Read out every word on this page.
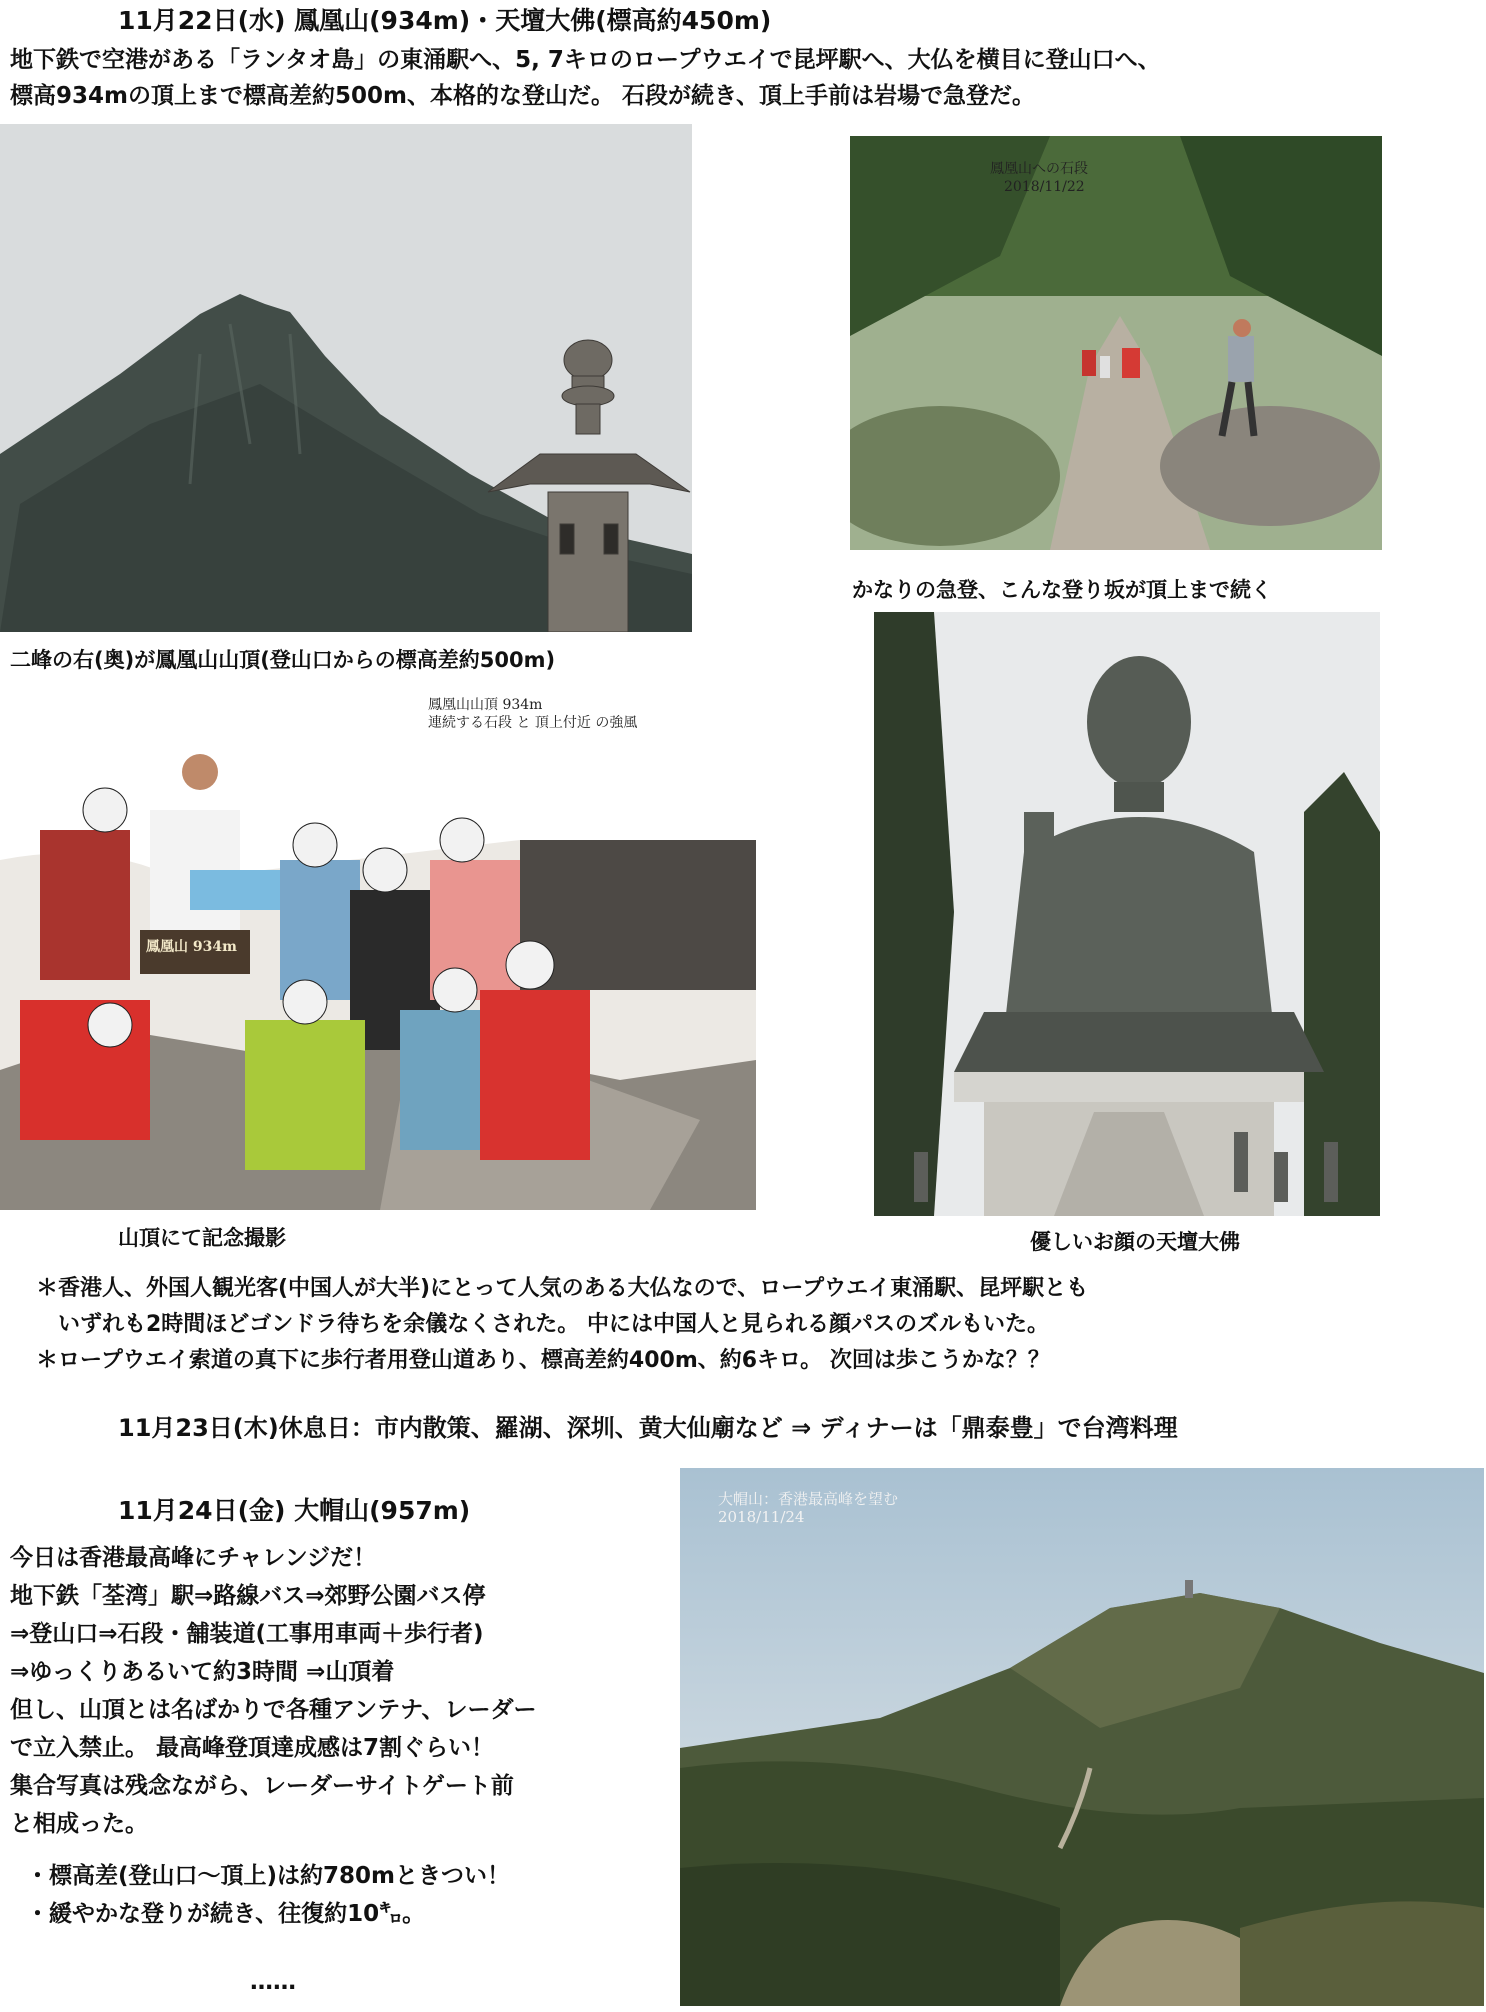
11月22日(水) 鳳凰山(934m)・天壇大佛(標高約450m)
地下鉄で空港がある「ランタオ島」の東涌駅へ、5, 7キロのロープウエイで昆坪駅へ、大仏を横目に登山口へ、
標高934mの頂上まで標高差約500m、本格的な登山だ。 石段が続き、頂上手前は岩場で急登だ。
二峰の右(奥)が鳳凰山山頂(登山口からの標高差約500m)
鳳凰山への石段
2018/11/22
かなりの急登、こんな登り坂が頂上まで続く
鳳凰山山頂 934m
連続する石段 と 頂上付近 の強風
鳳凰山 934m
山頂にて記念撮影	優しいお顔の天壇大佛
＊香港人、外国人観光客(中国人が大半)にとって人気のある大仏なので、ロープウエイ東涌駅、昆坪駅とも
　いずれも2時間ほどゴンドラ待ちを余儀なくされた。 中には中国人と見られる顔パスのズルもいた。
＊ロープウエイ索道の真下に歩行者用登山道あり、標高差約400m、約6キロ。 次回は歩こうかな？？
11月23日(木)休息日：市内散策、羅湖、深圳、黄大仙廟など ⇒ ディナーは「鼎泰豊」で台湾料理
11月24日(金) 大帽山(957m)
今日は香港最高峰にチャレンジだ！
地下鉄「荃湾」駅⇒路線バス⇒郊野公園バス停
⇒登山口⇒石段・舗装道(工事用車両＋歩行者)
⇒ゆっくりあるいて約3時間 ⇒山頂着
但し、山頂とは名ばかりで各種アンテナ、レーダー
で立入禁止。 最高峰登頂達成感は7割ぐらい！
集合写真は残念ながら、レーダーサイトゲート前
と相成った。
・標高差(登山口～頂上)は約780mときつい！
・緩やかな登りが続き、往復約10㌔。
……
大帽山：香港最高峰を望む
2018/11/24
